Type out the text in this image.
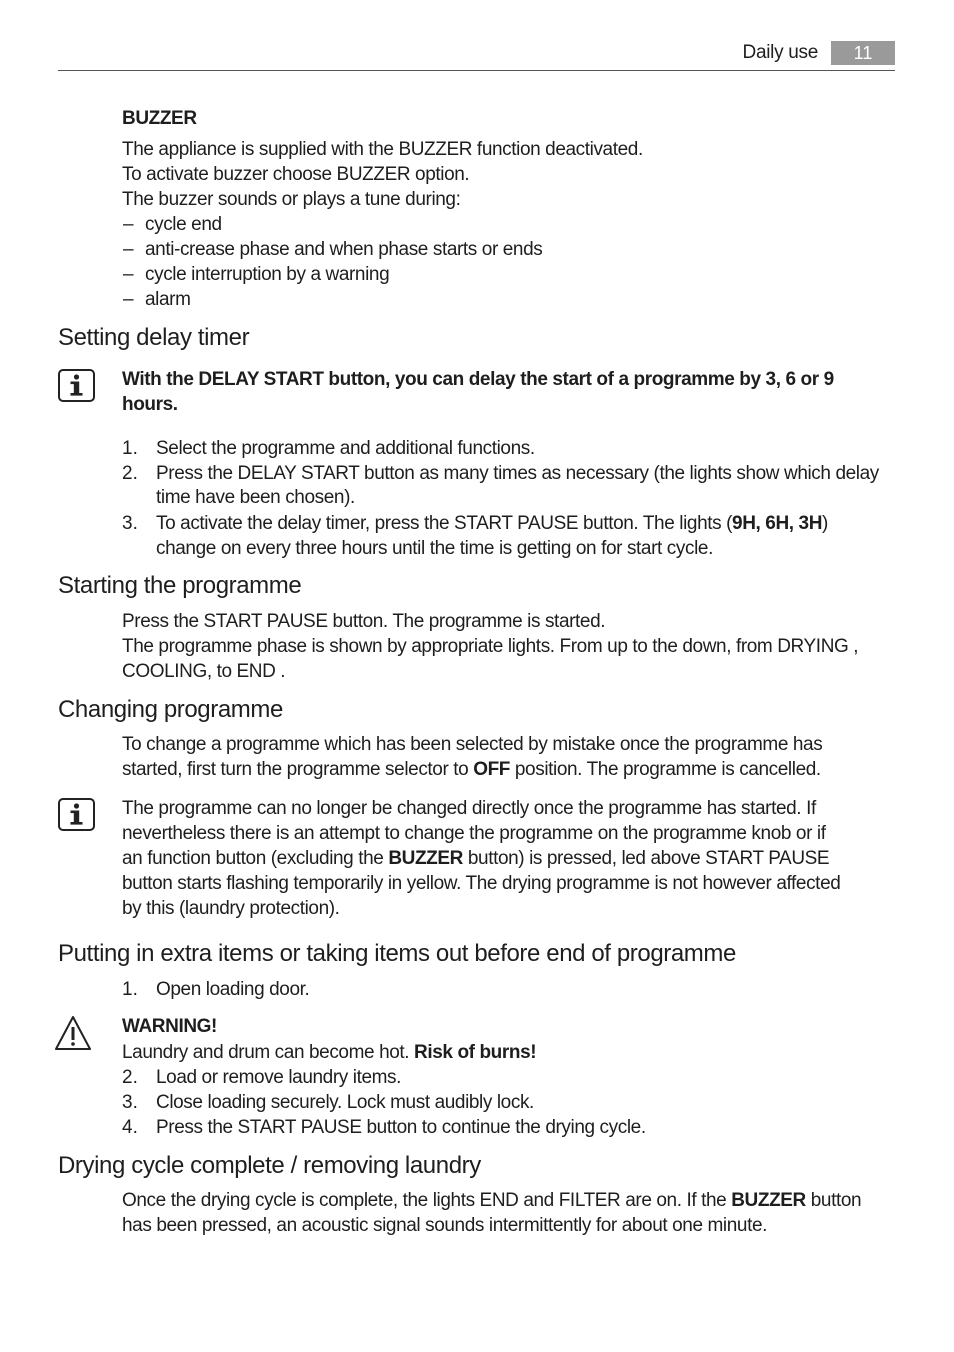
Daily use	11
BUZZER
The appliance is supplied with the BUZZER function deactivated.
To activate buzzer choose BUZZER option.
The buzzer sounds or plays a tune during:
– cycle end
– anti-crease phase and when phase starts or ends
– cycle interruption by a warning
– alarm
Setting delay timer
With the DELAY START button, you can delay the start of a programme by 3, 6 or 9
hours.
1. Select the programme and additional functions.
2. Press the DELAY START button as many times as necessary (the lights show which delay
time have been chosen).
3. To activate the delay timer, press the START PAUSE button. The lights (9H, 6H, 3H)
change on every three hours until the time is getting on for start cycle.
Starting the programme
Press the START PAUSE button. The programme is started.
The programme phase is shown by appropriate lights. From up to the down, from DRYING ,
COOLING, to END .
Changing programme
To change a programme which has been selected by mistake once the programme has
started, first turn the programme selector to OFF position. The programme is cancelled.
The programme can no longer be changed directly once the programme has started. If
nevertheless there is an attempt to change the programme on the programme knob or if
an function button (excluding the BUZZER button) is pressed, led above START PAUSE
button starts flashing temporarily in yellow. The drying programme is not however affected
by this (laundry protection).
Putting in extra items or taking items out before end of programme
1. Open loading door.
WARNING!
Laundry and drum can become hot. Risk of burns!
2. Load or remove laundry items.
3. Close loading securely. Lock must audibly lock.
4. Press the START PAUSE button to continue the drying cycle.
Drying cycle complete / removing laundry
Once the drying cycle is complete, the lights END and FILTER are on. If the BUZZER button
has been pressed, an acoustic signal sounds intermittently for about one minute.
